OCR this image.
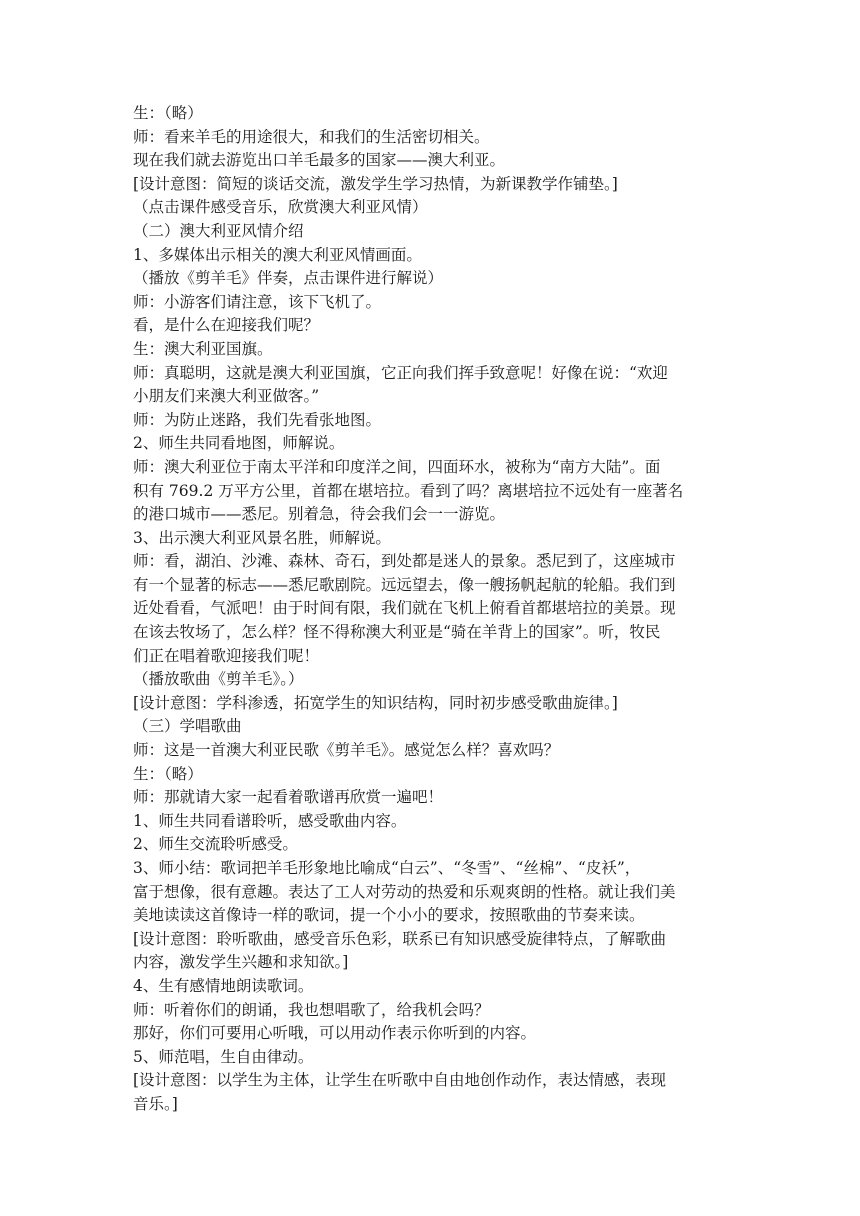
生：（略）
师：看来羊毛的用途很大，和我们的生活密切相关。
现在我们就去游览出口羊毛最多的国家——澳大利亚。
[设计意图：简短的谈话交流，激发学生学习热情，为新课教学作铺垫。]
（点击课件感受音乐，欣赏澳大利亚风情）
（二）澳大利亚风情介绍
1、多媒体出示相关的澳大利亚风情画面。
（播放《剪羊毛》伴奏，点击课件进行解说）
师：小游客们请注意，该下飞机了。
看，是什么在迎接我们呢？
生：澳大利亚国旗。
师：真聪明，这就是澳大利亚国旗，它正向我们挥手致意呢！好像在说：“欢迎
小朋友们来澳大利亚做客。”
师：为防止迷路，我们先看张地图。
2、师生共同看地图，师解说。
师：澳大利亚位于南太平洋和印度洋之间，四面环水，被称为“南方大陆”。面
积有 769.2 万平方公里，首都在堪培拉。看到了吗？离堪培拉不远处有一座著名
的港口城市——悉尼。别着急，待会我们会一一游览。
3、出示澳大利亚风景名胜，师解说。
师：看，湖泊、沙滩、森林、奇石，到处都是迷人的景象。悉尼到了，这座城市
有一个显著的标志——悉尼歌剧院。远远望去，像一艘扬帆起航的轮船。我们到
近处看看，气派吧！由于时间有限，我们就在飞机上俯看首都堪培拉的美景。现
在该去牧场了，怎么样？怪不得称澳大利亚是“骑在羊背上的国家”。听，牧民
们正在唱着歌迎接我们呢！
（播放歌曲《剪羊毛》。）
[设计意图：学科渗透，拓宽学生的知识结构，同时初步感受歌曲旋律。]
（三）学唱歌曲
师：这是一首澳大利亚民歌《剪羊毛》。感觉怎么样？喜欢吗？
生：（略）
师：那就请大家一起看着歌谱再欣赏一遍吧！
1、师生共同看谱聆听，感受歌曲内容。
2、师生交流聆听感受。
3、师小结：歌词把羊毛形象地比喻成“白云”、“冬雪”、“丝棉”、“皮袄”，
富于想像，很有意趣。表达了工人对劳动的热爱和乐观爽朗的性格。就让我们美
美地读读这首像诗一样的歌词，提一个小小的要求，按照歌曲的节奏来读。
[设计意图：聆听歌曲，感受音乐色彩，联系已有知识感受旋律特点，了解歌曲
内容，激发学生兴趣和求知欲。]
4、生有感情地朗读歌词。
师：听着你们的朗诵，我也想唱歌了，给我机会吗？
那好，你们可要用心听哦，可以用动作表示你听到的内容。
5、师范唱，生自由律动。
[设计意图：以学生为主体，让学生在听歌中自由地创作动作，表达情感，表现
音乐。]
